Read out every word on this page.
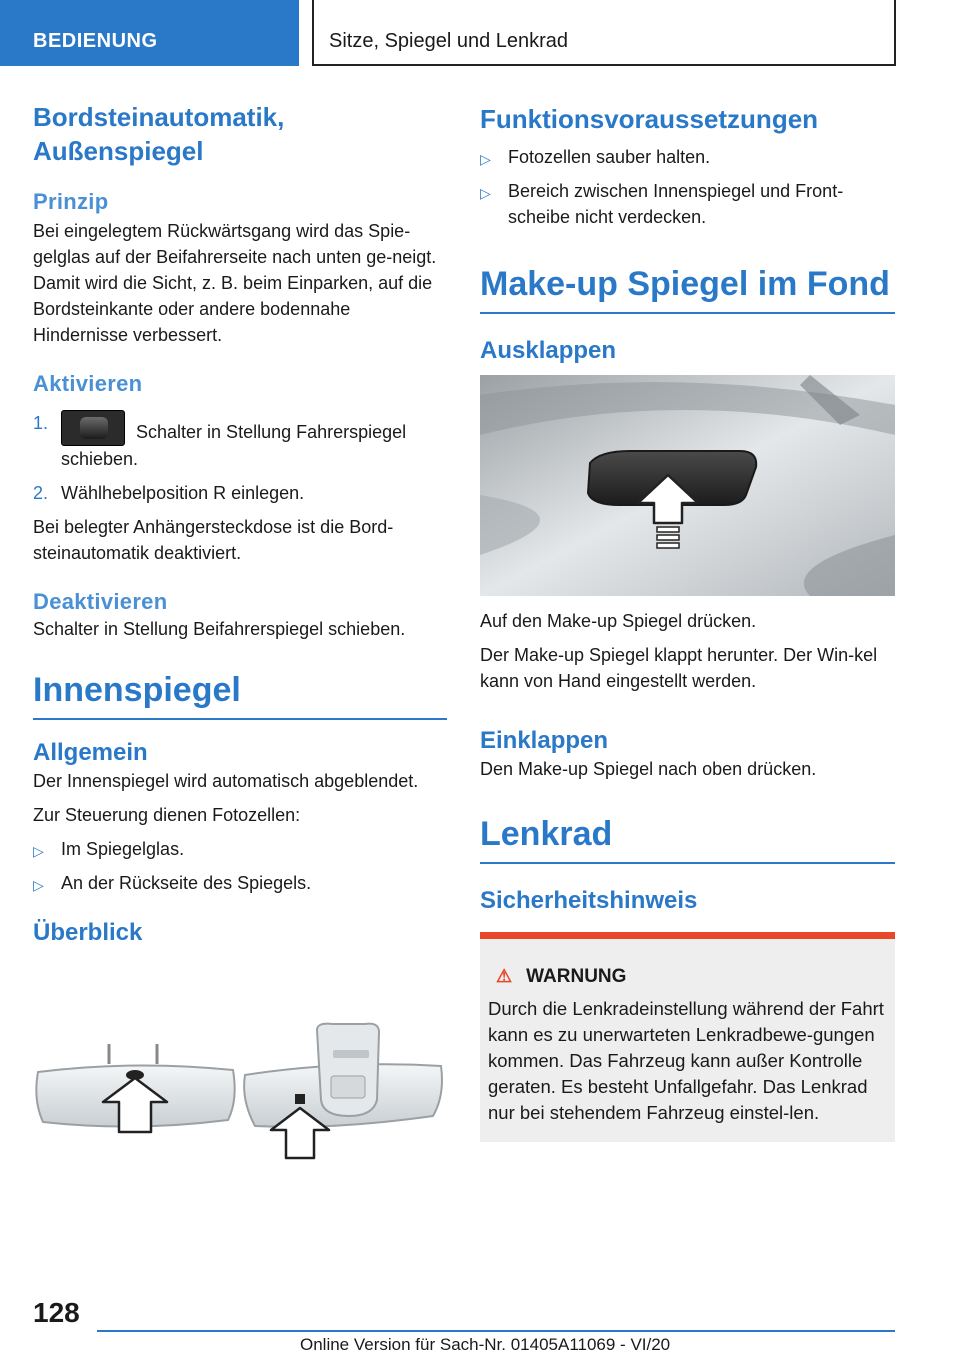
BEDIENUNG	Sitze, Spiegel und Lenkrad
Bordsteinautomatik, Außenspiegel
Prinzip

Bei eingelegtem Rückwärtsgang wird das Spie-gelglas auf der Beifahrerseite nach unten ge-neigt. Damit wird die Sicht, z. B. beim Einparken, auf die Bordsteinkante oder andere bodennahe Hindernisse verbessert.

Aktivieren
1.	Schalter in Stellung Fahrerspiegel schieben.
2. Wählhebelposition R einlegen.

Bei belegter Anhängersteckdose ist die Bord-steinautomatik deaktiviert.

Deaktivieren

Schalter in Stellung Beifahrerspiegel schieben.

Innenspiegel
Allgemein

Der Innenspiegel wird automatisch abgeblendet.

Zur Steuerung dienen Fotozellen:

▷ Im Spiegelglas.
▷ An der Rückseite des Spiegels.
Überblick
Funktionsvoraussetzungen
▷ Fotozellen sauber halten.
▷ Bereich zwischen Innenspiegel und Front-scheibe nicht verdecken.
Make-up Spiegel im Fond
Ausklappen

Auf den Make-up Spiegel drücken.

Der Make-up Spiegel klappt herunter. Der Win-kel kann von Hand eingestellt werden.

Einklappen

Den Make-up Spiegel nach oben drücken.

Lenkrad
Sicherheitshinweis
⚠ WARNUNG

Durch die Lenkradeinstellung während der Fahrt kann es zu unerwarteten Lenkradbewe-gungen kommen. Das Fahrzeug kann außer Kontrolle geraten. Es besteht Unfallgefahr. Das Lenkrad nur bei stehendem Fahrzeug einstel-len.

128
Online Version für Sach-Nr. 01405A11069 - VI/20
